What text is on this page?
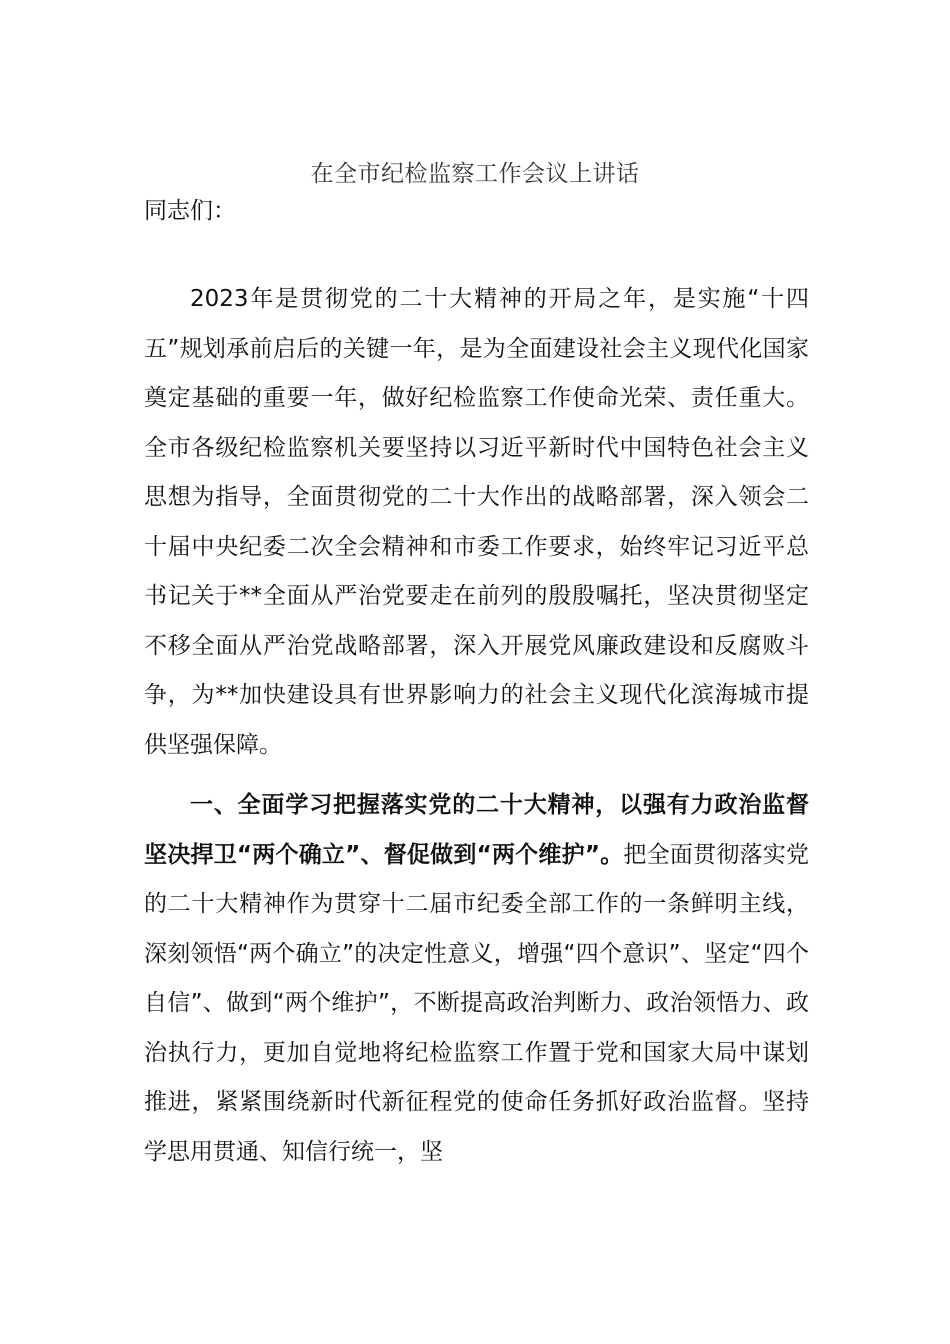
在全市纪检监察工作会议上讲话
同志们：

2023年是贯彻党的二十大精神的开局之年，是实施“十四五”规划承前启后的关键一年，是为全面建设社会主义现代化国家奠定基础的重要一年，做好纪检监察工作使命光荣、责任重大。全市各级纪检监察机关要坚持以习近平新时代中国特色社会主义思想为指导，全面贯彻党的二十大作出的战略部署，深入领会二十届中央纪委二次全会精神和市委工作要求，始终牢记习近平总书记关于**全面从严治党要走在前列的殷殷嘱托，坚决贯彻坚定不移全面从严治党战略部署，深入开展党风廉政建设和反腐败斗争，为**加快建设具有世界影响力的社会主义现代化滨海城市提供坚强保障。

一、全面学习把握落实党的二十大精神，以强有力政治监督坚决捍卫“两个确立”、督促做到“两个维护”。把全面贯彻落实党的二十大精神作为贯穿十二届市纪委全部工作的一条鲜明主线，深刻领悟“两个确立”的决定性意义，增强“四个意识”、坚定“四个自信”、做到“两个维护”，不断提高政治判断力、政治领悟力、政治执行力，更加自觉地将纪检监察工作置于党和国家大局中谋划推进，紧紧围绕新时代新征程党的使命任务抓好政治监督。坚持学思用贯通、知信行统一，坚
